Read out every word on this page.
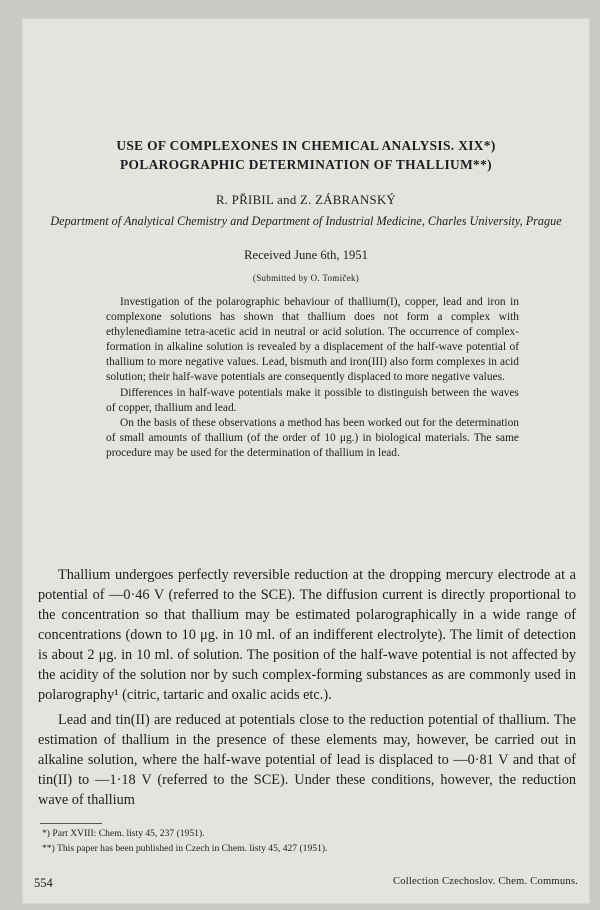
USE OF COMPLEXONES IN CHEMICAL ANALYSIS. XIX*)
POLAROGRAPHIC DETERMINATION OF THALLIUM**)
R. PŘIBIL and Z. ZÁBRANSKÝ
Department of Analytical Chemistry and Department of Industrial Medicine, Charles University, Prague
Received June 6th, 1951
(Submitted by O. Tomíček)

Investigation of the polarographic behaviour of thallium(I), copper, lead and iron in complexone solutions has shown that thallium does not form a complex with ethylenediamine tetra-acetic acid in neutral or acid solution. The occurrence of complex-formation in alkaline solution is revealed by a displacement of the half-wave potential of thallium to more negative values. Lead, bismuth and iron(III) also form complexes in acid solution; their half-wave potentials are consequently displaced to more negative values.

Differences in half-wave potentials make it possible to distinguish between the waves of copper, thallium and lead.

On the basis of these observations a method has been worked out for the determination of small amounts of thallium (of the order of 10 μg.) in biological materials. The same procedure may be used for the determination of thallium in lead.

Thallium undergoes perfectly reversible reduction at the dropping mercury electrode at a potential of —0·46 V (referred to the SCE). The diffusion current is directly proportional to the concentration so that thallium may be estimated polarographically in a wide range of concentrations (down to 10 μg. in 10 ml. of an indifferent electrolyte). The limit of detection is about 2 μg. in 10 ml. of solution. The position of the half-wave potential is not affected by the acidity of the solution nor by such complex-forming substances as are commonly used in polarography¹ (citric, tartaric and oxalic acids etc.).

Lead and tin(II) are reduced at potentials close to the reduction potential of thallium. The estimation of thallium in the presence of these elements may, however, be carried out in alkaline solution, where the half-wave potential of lead is displaced to —0·81 V and that of tin(II) to —1·18 V (referred to the SCE). Under these conditions, however, the reduction wave of thallium

*) Part XVIII: Chem. listy 45, 237 (1951).
**) This paper has been published in Czech in Chem. listy 45, 427 (1951).
554	Collection Czechoslov. Chem. Communs.
